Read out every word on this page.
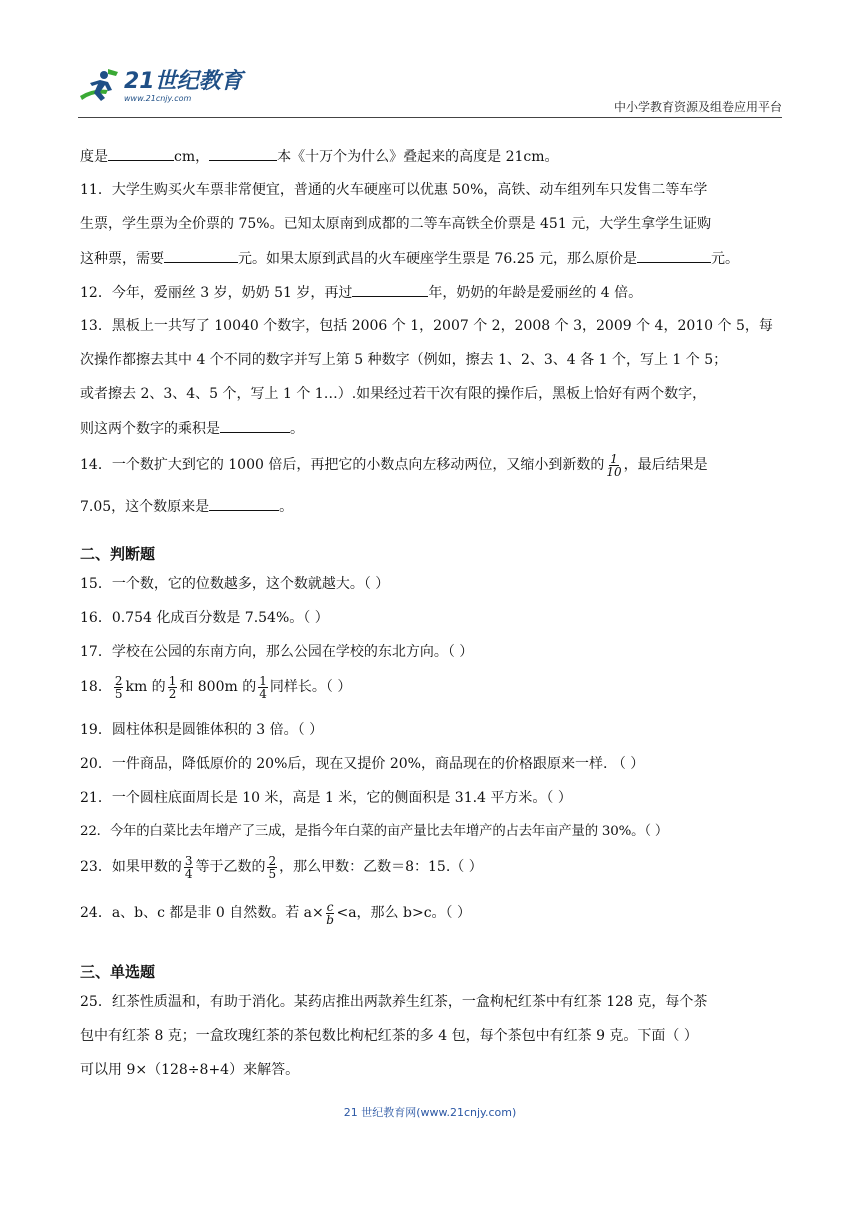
21世纪教育
www.21cnjy.com
中小学教育资源及组卷应用平台
度是	cm，	本《十万个为什么》叠起来的高度是 21cm。
11．大学生购买火车票非常便宜，普通的火车硬座可以优惠 50%，高铁、动车组列车只发售二等车学
生票，学生票为全价票的 75%。已知太原南到成都的二等车高铁全价票是 451 元，大学生拿学生证购
这种票，需要	元。如果太原到武昌的火车硬座学生票是 76.25 元，那么原价是	元。
12．今年，爱丽丝 3 岁，奶奶 51 岁，再过	年，奶奶的年龄是爱丽丝的 4 倍。
13．黑板上一共写了 10040 个数字，包括 2006 个 1，2007 个 2，2008 个 3，2009 个 4，2010 个 5，每
次操作都擦去其中 4 个不同的数字并写上第 5 种数字（例如，擦去 1、2、3、4 各 1 个，写上 1 个 5；
或者擦去 2、3、4、5 个，写上 1 个 1…）.如果经过若干次有限的操作后，黑板上恰好有两个数字，
则这两个数字的乘积是	。
14．一个数扩大到它的 1000 倍后，再把它的小数点向左移动两位，又缩小到新数的 $\frac{1}{10}$ ，最后结果是
7.05，这个数原来是	。
二、判断题
15．一个数，它的位数越多，这个数就越大。（ ）
16．0.754 化成百分数是 7.54%。（ ）
17．学校在公园的东南方向，那么公园在学校的东北方向。（ ）
18． $\frac{2}{5}$ km 的 $\frac{1}{2}$ 和 800m 的 $\frac{1}{4}$ 同样长。（ ）
19．圆柱体积是圆锥体积的 3 倍。（ ）
20．一件商品，降低原价的 20%后，现在又提价 20%，商品现在的价格跟原来一样. （ ）
21．一个圆柱底面周长是 10 米，高是 1 米，它的侧面积是 31.4 平方米。（ ）
22．今年的白菜比去年增产了三成，是指今年白菜的亩产量比去年增产的占去年亩产量的 30%。（ ）
23．如果甲数的 $\frac{3}{4}$ 等于乙数的 $\frac{2}{5}$ ，那么甲数：乙数＝8：15.（ ）
24．a、b、c 都是非 0 自然数。若 $a\times \frac{c}{b} <a$，那么 b>c。（ ）
三、单选题
25．红茶性质温和，有助于消化。某药店推出两款养生红茶，一盒枸杞红茶中有红茶 128 克，每个茶
包中有红茶 8 克；一盒玫瑰红茶的茶包数比枸杞红茶的多 4 包，每个茶包中有红茶 9 克。下面（ ）
可以用 9×（128÷8+4）来解答。
21 世纪教育网(www.21cnjy.com)
